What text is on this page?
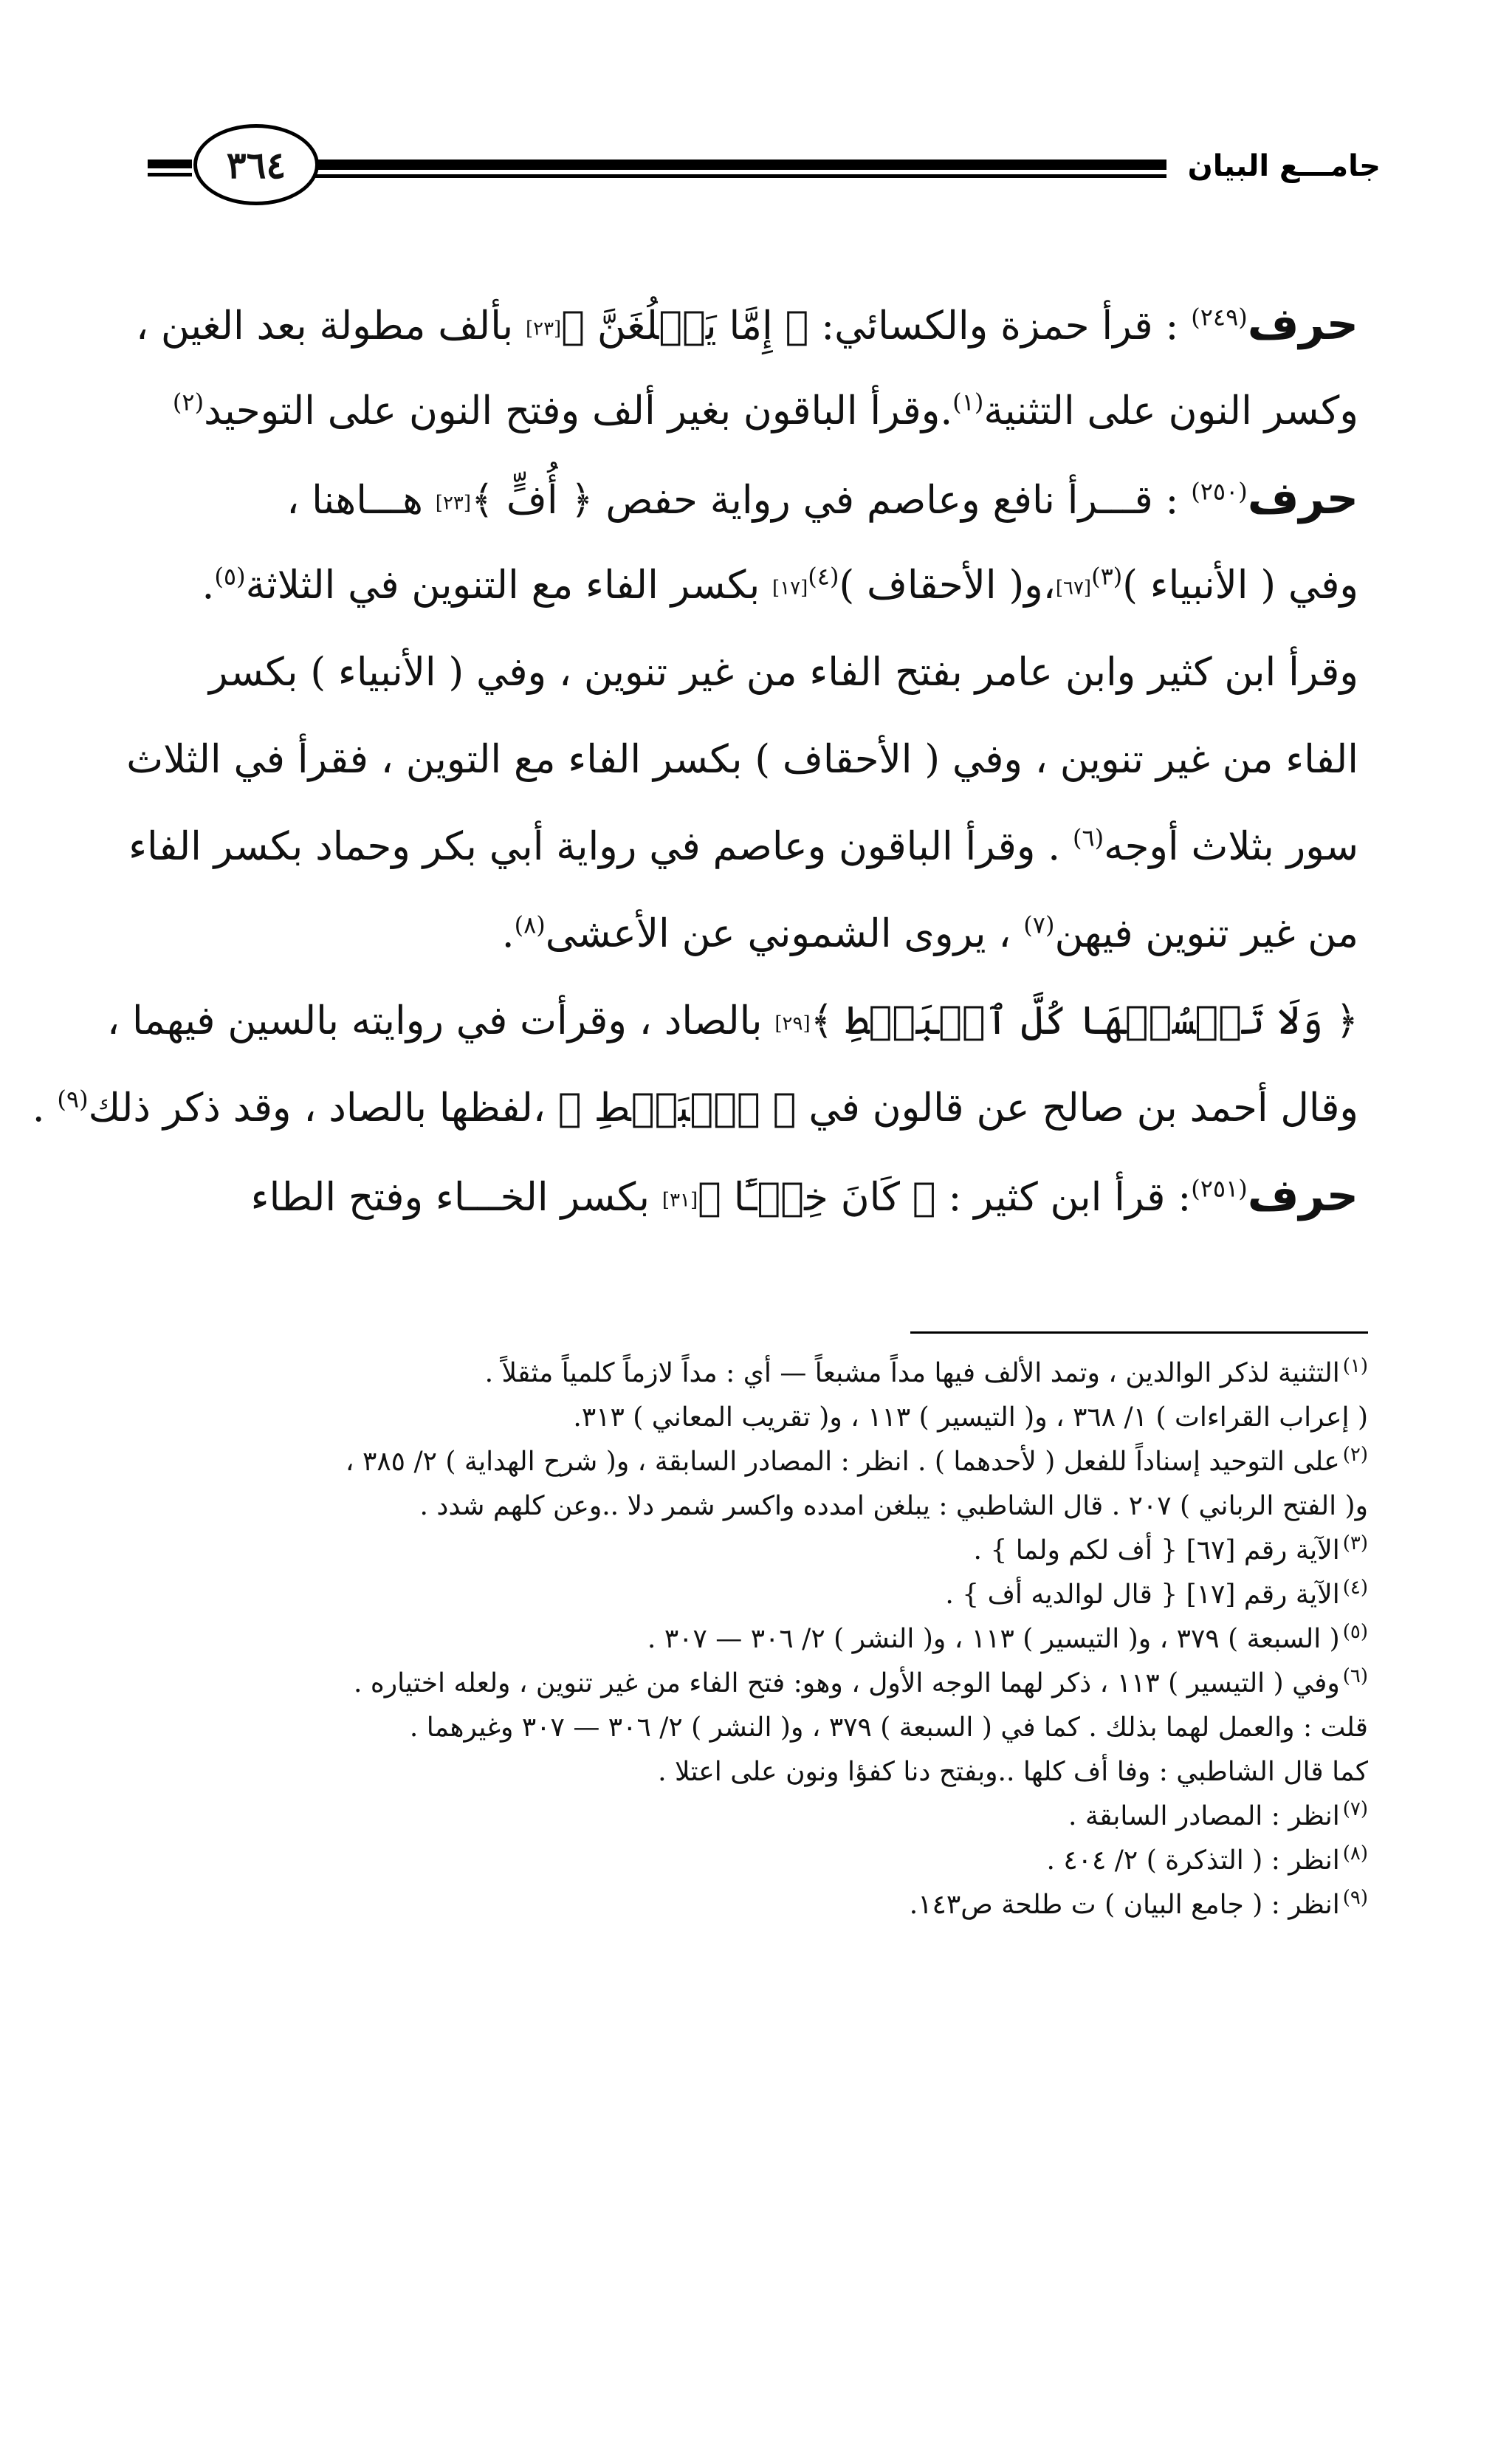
جامـــع البيان
٣٦٤
حرف$^{(٢٤٩)}$ : قرأ حمزة والكسائي: ﴿ إِمَّا يَبۡلُغَنَّ ﴾[٢٣] بألف مطولة بعد الغين ،
وكسر النون على التثنية$^{(١)}$.وقرأ الباقون بغير ألف وفتح النون على التوحيد$^{(٢)}$
حرف$^{(٢٥٠)}$ : قـــرأ نافع وعاصم في رواية حفص ﴿ أُفٍّ ﴾[٢٣] هـــاهنا ،
وفي ( الأنبياء )$^{(٣)}$[٦٧]،و( الأحقاف )$^{(٤)}$[١٧] بكسر الفاء مع التنوين في الثلاثة$^{(٥)}$.
وقرأ ابن كثير وابن عامر بفتح الفاء من غير تنوين ، وفي ( الأنبياء ) بكسر
الفاء من غير تنوين ، وفي ( الأحقاف ) بكسر الفاء مع التوين ، فقرأ في الثلاث
سور بثلاث أوجه$^{(٦)}$ . وقرأ الباقون وعاصم في رواية أبي بكر وحماد بكسر الفاء
من غير تنوين فيهن$^{(٧)}$ ، يروى الشموني عن الأعشى$^{(٨)}$.
﴿ وَلَا تَبۡسُطۡهَا كُلَّ ٱلۡبَسۡطِ ﴾[٢٩] بالصاد ، وقرأت في روايته بالسين فيهما ،
وقال أحمد بن صالح عن قالون في ﴿ ٱلۡبَسۡطِ ﴾ ،لفظها بالصاد ، وقد ذكر ذلك$^{(٩)}$ .
حرف$^{(٢٥١)}$: قرأ ابن كثير : ﴿ كَانَ خِطۡـًٔا ﴾[٣١] بكسر الخـــاء وفتح الطاء
$^{(١)}$التثنية لذكر الوالدين ، وتمد الألف فيها مداً مشبعاً — أي : مداً لازماً كلمياً مثقلاً .
( إعراب القراءات ) ١/ ٣٦٨ ، و( التيسير ) ١١٣ ، و( تقريب المعاني ) ٣١٣.
$^{(٢)}$على التوحيد إسناداً للفعل ( لأحدهما ) . انظر : المصادر السابقة ، و( شرح الهداية ) ٢/ ٣٨٥ ،
و( الفتح الرباني ) ٢٠٧ . قال الشاطبي : يبلغن امدده واكسر شمر دلا ..وعن كلهم شدد .
$^{(٣)}$الآية رقم [٦٧] { أف لكم ولما } .
$^{(٤)}$الآية رقم [١٧] { قال لوالديه أف } .
$^{(٥)}$( السبعة ) ٣٧٩ ، و( التيسير ) ١١٣ ، و( النشر ) ٢/ ٣٠٦ — ٣٠٧ .
$^{(٦)}$وفي ( التيسير ) ١١٣ ، ذكر لهما الوجه الأول ، وهو: فتح الفاء من غير تنوين ، ولعله اختياره .
قلت : والعمل لهما بذلك . كما في ( السبعة ) ٣٧٩ ، و( النشر ) ٢/ ٣٠٦ — ٣٠٧ وغيرهما .
كما قال الشاطبي : وفا أف كلها ..وبفتح دنا كفؤا ونون على اعتلا .
$^{(٧)}$انظر : المصادر السابقة .
$^{(٨)}$انظر : ( التذكرة ) ٢/ ٤٠٤ .
$^{(٩)}$انظر : ( جامع البيان ) ت طلحة ص١٤٣.
